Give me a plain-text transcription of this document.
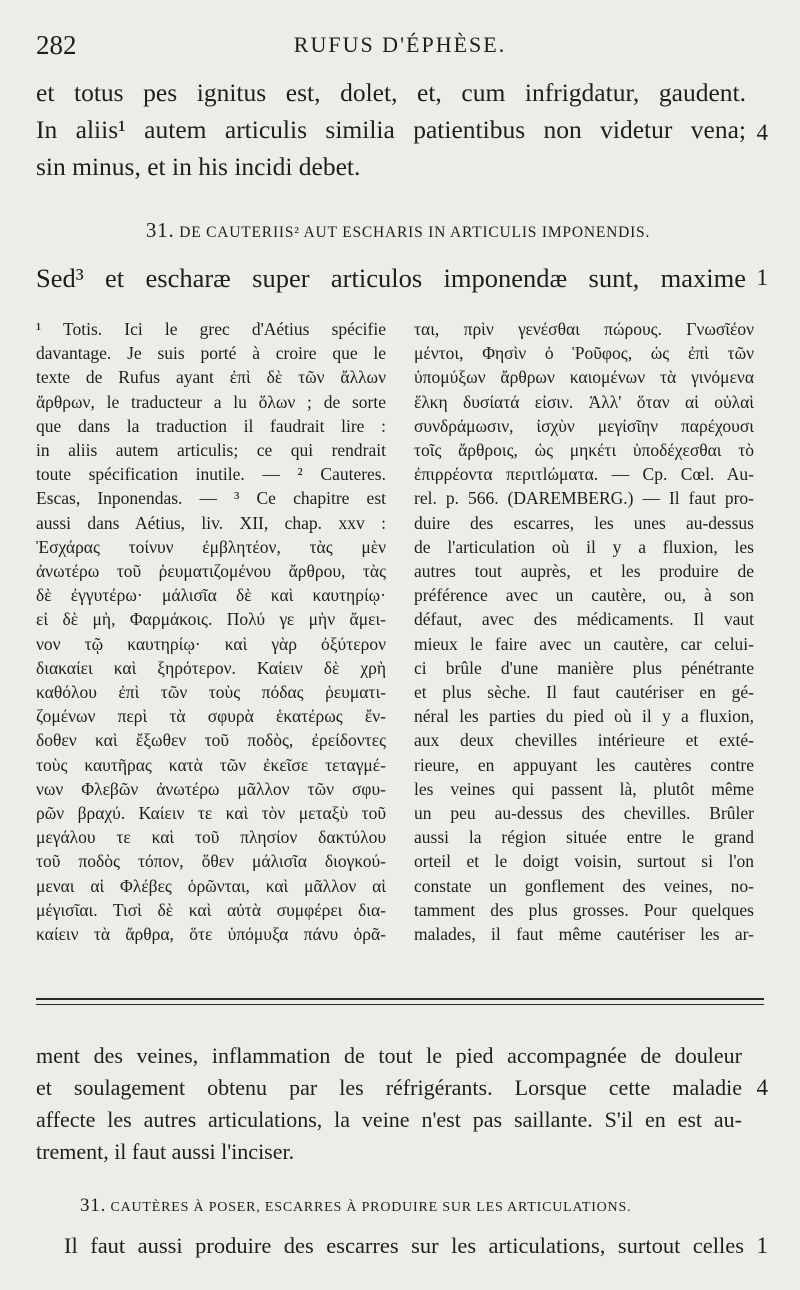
282	RUFUS D'ÉPHÈSE.
et totus pes ignitus est, dolet, et, cum infrigdatur, gaudent.
In aliis¹ autem articulis similia patientibus non videtur vena;
sin minus, et in his incidi debet.
4
31. DE CAUTERIIS² AUT ESCHARIS IN ARTICULIS IMPONENDIS.
Sed³ et escharæ super articulos imponendæ sunt, maxime 1
¹ Totis. Ici le grec d'Aétius spécifie
davantage. Je suis porté à croire que le
texte de Rufus ayant ἐπὶ δὲ τῶν ἄλλων
ἄρθρων, le traducteur a lu ὅλων ; de sorte
que dans la traduction il faudrait lire :
in aliis autem articulis; ce qui rendrait
toute spécification inutile. — ² Cauteres.
Escas, Inponendas. — ³ Ce chapitre est
aussi dans Aétius, liv. XII, chap. xxv :
Ἐσχάρας τοίνυν ἐμβλητέον, τὰς μὲν
ἀνωτέρω τοῦ ῥευματιζομένου ἄρθρου, τὰς
δὲ ἐγγυτέρω· μάλισῖα δὲ καὶ καυτηρίῳ·
εἰ δὲ μὴ, Φαρμάκοις. Πολύ γε μὴν ἄμει-
νον τῷ καυτηρίῳ· καὶ γὰρ ὀξύτερον
διακαίει καὶ ξηρότερον. Καίειν δὲ χρὴ
καθόλου ἐπὶ τῶν τοὺς πόδας ῥευματι-
ζομένων περὶ τὰ σφυρὰ ἑκατέρως ἔν-
δοθεν καὶ ἔξωθεν τοῦ ποδὸς, ἐρείδοντες
τοὺς καυτῆρας κατὰ τῶν ἐκεῖσε τεταγμέ-
νων Φλεβῶν ἀνωτέρω μᾶλλον τῶν σφυ-
ρῶν βραχύ. Καίειν τε καὶ τὸν μεταξὺ τοῦ
μεγάλου τε καὶ τοῦ πλησίον δακτύλου
τοῦ ποδὸς τόπον, ὅθεν μάλισῖα διογκού-
μεναι αἱ Φλέβες ὁρῶνται, καὶ μᾶλλον αἱ
μέγισῖαι. Τισὶ δὲ καὶ αὐτὰ συμφέρει δια-
καίειν τὰ ἄρθρα, ὅτε ὑπόμυξα πάνυ ὁρᾶ-
ται, πρὶν γενέσθαι πώρους. Γνωσῖέον
μέντοι, Φησὶν ὁ Ῥοῦφος, ὡς ἐπὶ τῶν
ὑπομύξων ἄρθρων καιομένων τὰ γινόμενα
ἕλκη δυσίατά εἰσιν. Ἀλλ' ὅταν αἱ οὐλαὶ
συνδράμωσιν, ἰσχὺν μεγίσῖην παρέχουσι
τοῖς ἄρθροις, ὡς μηκέτι ὑποδέχεσθαι τὸ
ἐπιρρέοντα περιτlώματα. — Cp. Cœl. Au-
rel. p. 566. (DAREMBERG.) — Il faut pro-
duire des escarres, les unes au-dessus
de l'articulation où il y a fluxion, les
autres tout auprès, et les produire de
préférence avec un cautère, ou, à son
défaut, avec des médicaments. Il vaut
mieux le faire avec un cautère, car celui-
ci brûle d'une manière plus pénétrante
et plus sèche. Il faut cautériser en gé-
néral les parties du pied où il y a fluxion,
aux deux chevilles intérieure et exté-
rieure, en appuyant les cautères contre
les veines qui passent là, plutôt même
un peu au-dessus des chevilles. Brûler
aussi la région située entre le grand
orteil et le doigt voisin, surtout si l'on
constate un gonflement des veines, no-
tamment des plus grosses. Pour quelques
malades, il faut même cautériser les ar-
ment des veines, inflammation de tout le pied accompagnée de douleur
et soulagement obtenu par les réfrigérants. Lorsque cette maladie
affecte les autres articulations, la veine n'est pas saillante. S'il en est au-
trement, il faut aussi l'inciser.
4
31. CAUTÈRES À POSER, ESCARRES À PRODUIRE SUR LES ARTICULATIONS.
Il faut aussi produire des escarres sur les articulations, surtout celles 1
